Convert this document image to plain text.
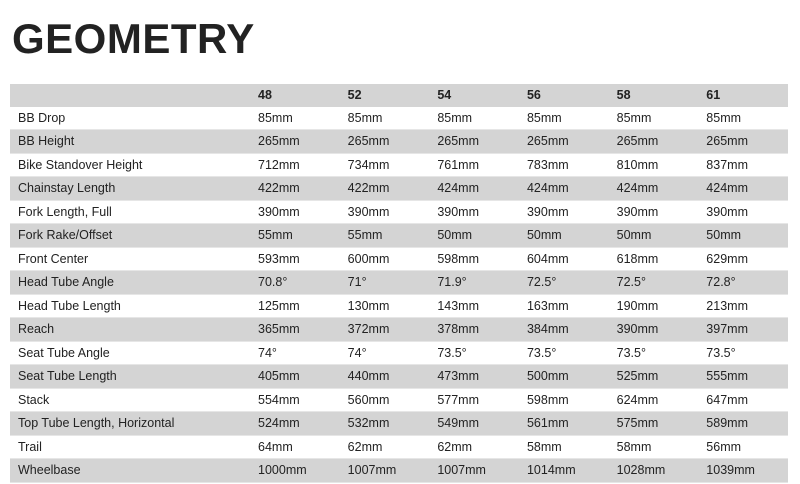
GEOMETRY
	48	52	54	56	58	61
BB Drop	85mm	85mm	85mm	85mm	85mm	85mm
BB Height	265mm	265mm	265mm	265mm	265mm	265mm
Bike Standover Height	712mm	734mm	761mm	783mm	810mm	837mm
Chainstay Length	422mm	422mm	424mm	424mm	424mm	424mm
Fork Length, Full	390mm	390mm	390mm	390mm	390mm	390mm
Fork Rake/Offset	55mm	55mm	50mm	50mm	50mm	50mm
Front Center	593mm	600mm	598mm	604mm	618mm	629mm
Head Tube Angle	70.8°	71°	71.9°	72.5°	72.5°	72.8°
Head Tube Length	125mm	130mm	143mm	163mm	190mm	213mm
Reach	365mm	372mm	378mm	384mm	390mm	397mm
Seat Tube Angle	74°	74°	73.5°	73.5°	73.5°	73.5°
Seat Tube Length	405mm	440mm	473mm	500mm	525mm	555mm
Stack	554mm	560mm	577mm	598mm	624mm	647mm
Top Tube Length, Horizontal	524mm	532mm	549mm	561mm	575mm	589mm
Trail	64mm	62mm	62mm	58mm	58mm	56mm
Wheelbase	1000mm	1007mm	1007mm	1014mm	1028mm	1039mm
